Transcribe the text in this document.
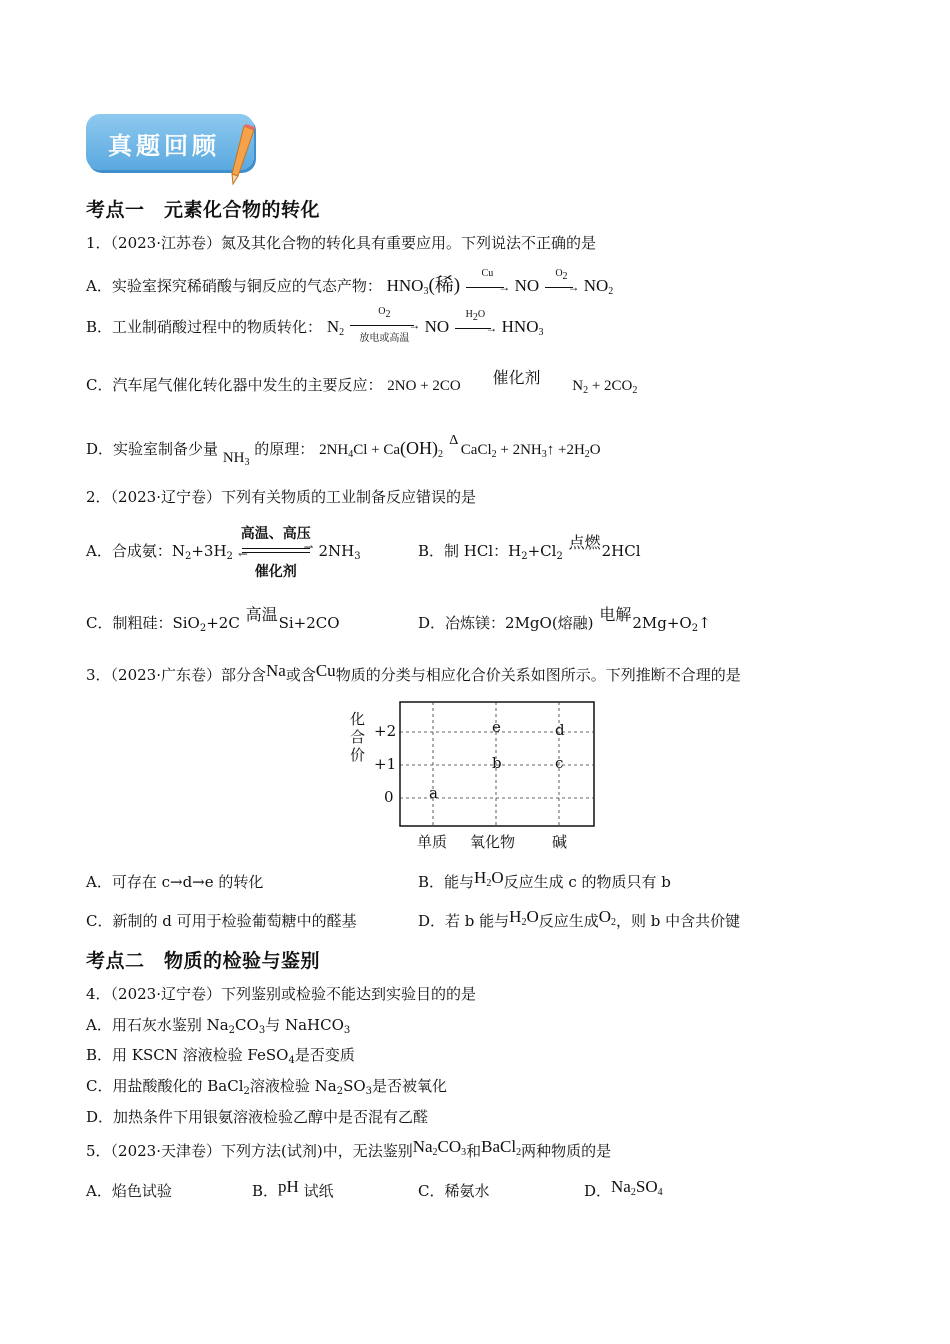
真题回顾
考点一　元素化合物的转化
1．（2023·江苏卷）氮及其化合物的转化具有重要应用。下列说法不正确的是
A．实验室探究稀硝酸与铜反应的气态产物： $HNO_3$(稀)
Cu
→ NO
$O_2$
→ $NO_2$
B．工业制硝酸过程中的物质转化： $N_2$
$O_2$
→
放电或高温
NO
$H_2O$
→ $HNO_3$
C．汽车尾气催化转化器中发生的主要反应： 2NO + 2CO	催化剂	$N_2 + 2CO_2$
D．实验室制备少量 $NH_3$ 的原理： $2NH_4Cl + Ca(OH)_2$
Δ
CaCl$_2$ + $2NH_3↑ +2H_2O$
2．（2023·辽宁卷）下列有关物质的工业制备反应错误的是
A．合成氨：$N_2+3H_2$
高温、高压
⇀
↽
催化剂
$2NH_3$	B．制 HCl：$H_2+Cl_2$
点燃 2HCl
C．制粗硅：SiO$_2$+2C 高温 Si+2CO	D．冶炼镁：2MgO(熔融) 电解 $2Mg+O_2↑$
3．（2023·广东卷）部分含Na或含Cu物质的分类与相应化合价关系如图所示。下列推断不合理的是
化
合
价
+2
+1
0 a
b	c
d
e
单质 氧化物 碱
A．可存在 c→d→e 的转化	B．能与$H_2O$反应生成 c 的物质只有 b
C．新制的 d 可用于检验葡萄糖中的醛基	D．若 b 能与$H_2O$反应生成$O_2$，则 b 中含共价键
考点二　物质的检验与鉴别
4．（2023·辽宁卷）下列鉴别或检验不能达到实验目的的是
A．用石灰水鉴别 $Na_2CO_3$与 NaHCO$_3$
B．用 KSCN 溶液检验 FeSO$_4$是否变质
C．用盐酸酸化的 BaCl$_2$溶液检验 $Na_2SO_3$是否被氧化
D．加热条件下用银氨溶液检验乙醇中是否混有乙醛
5．（2023·天津卷）下列方法(试剂)中，无法鉴别$Na_2CO_3$和BaCl$_2$两种物质的是
A．焰色试验	B．pH 试纸	C．稀氨水	D．$Na_2SO_4$
